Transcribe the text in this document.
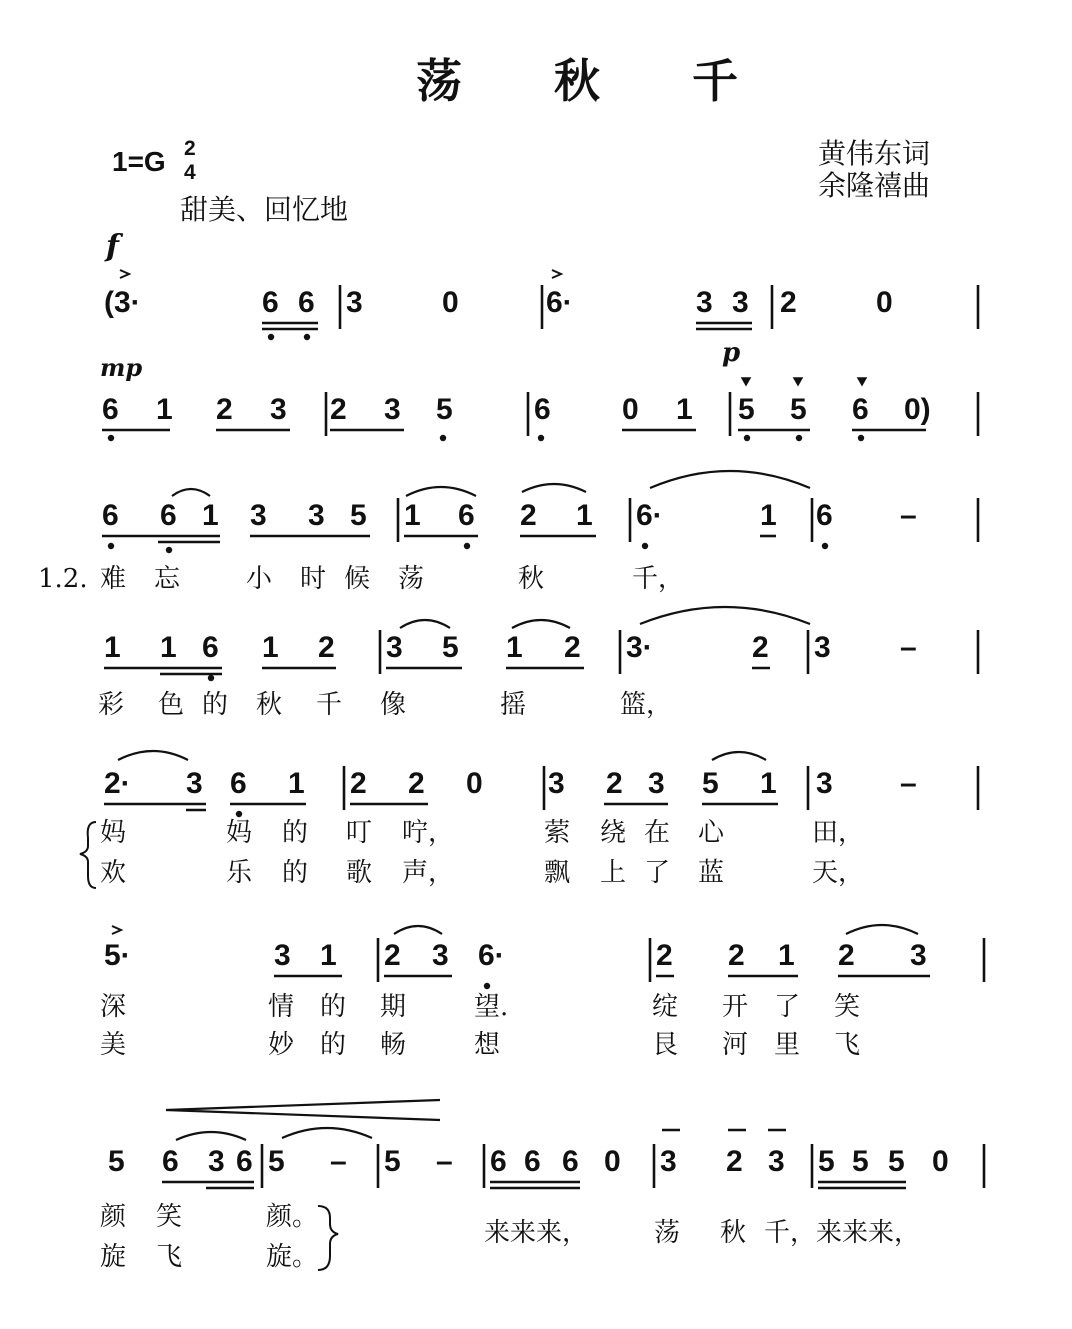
荡 秋 千
1=G 2
4
甜美、回忆地
黄伟东词
余隆禧曲
f
mp	p
(3·	6 6 3	0	6·	3 3 2	0
6 1 2 3 2 3 5	6 0 1 5 5 6 0)
6 6 1 3 3 5 1 6 2 1 6·	1 6 –
1 1 6 1 2 3 5 1 2 3·	2 3 –
2· 3 6 1 2 2 0 3 2 3 5 1 3 –
5·	3 1 2 3 6·	2 2 1 2 3
5 6 3 6 5 – 5 – 6 6 6 0 3 2 3 5 5 5 0
1.2. 难 忘	小 时 候 荡	秋	千，
彩 色 的 秋 千 像	摇	篮，
妈	妈 的 叮 咛，	萦 绕 在 心	田，
欢	乐 的 歌 声，	飘 上 了 蓝	天，
深	情 的 期	望.	绽 开 了 笑
美	妙 的 畅	想	艮 河 里 飞
颜 笑	颜。
旋 飞	旋。
来来来，	荡 秋 千，来来来，
